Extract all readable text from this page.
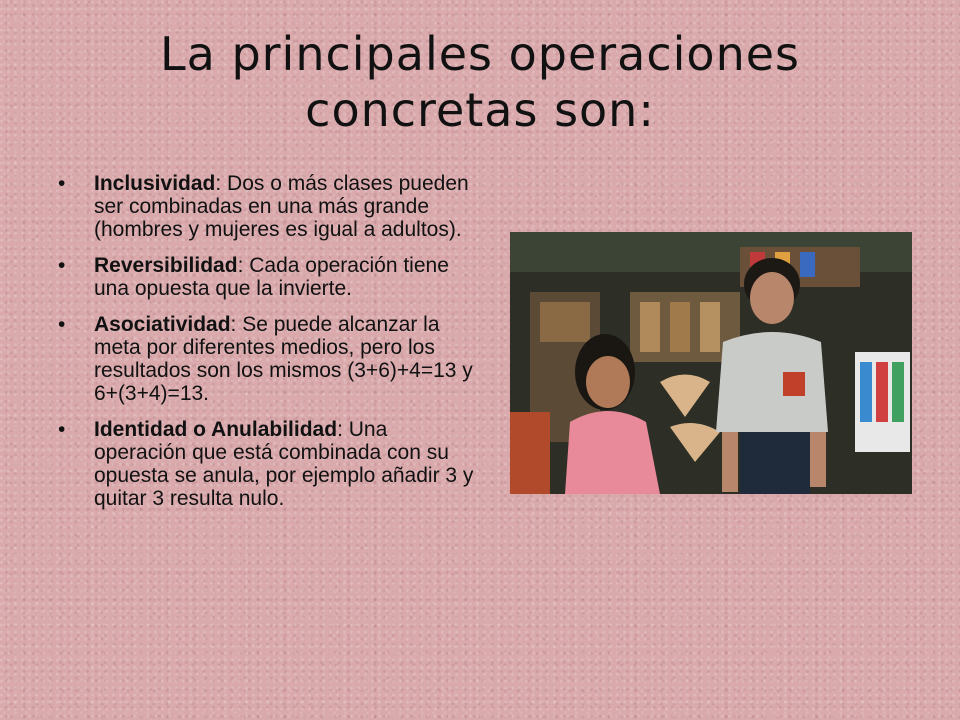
La principales operaciones
concretas son:
• Inclusividad: Dos o más clases pueden ser combinadas en una más grande (hombres y mujeres es igual a adultos).
• Reversibilidad: Cada operación tiene una opuesta que la invierte.
• Asociatividad: Se puede alcanzar la meta por diferentes medios, pero los resultados son los mismos (3+6)+4=13 y 6+(3+4)=13.
• Identidad o Anulabilidad: Una operación que está combinada con su opuesta se anula, por ejemplo añadir 3 y quitar 3 resulta nulo.
